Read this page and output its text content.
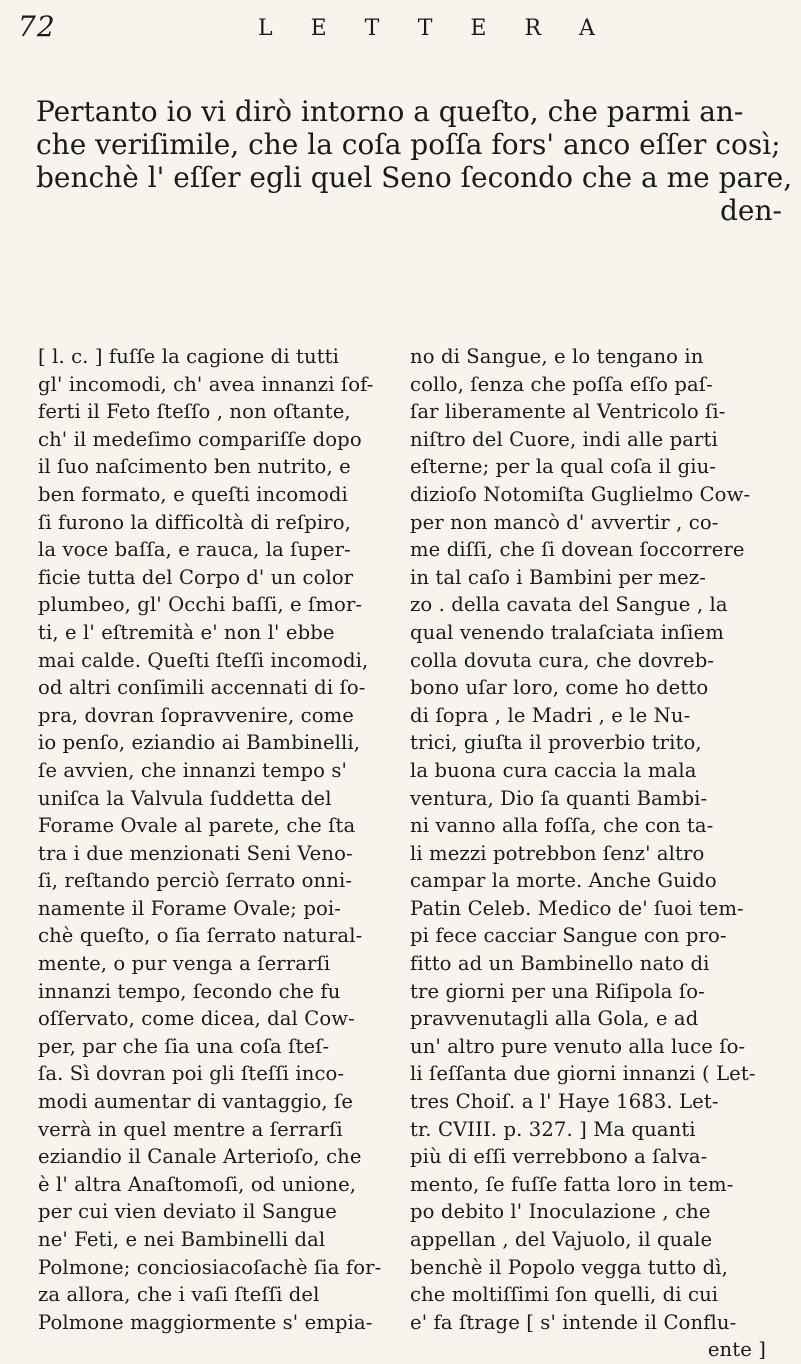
72	LETTERA
Pertanto io vi dirò intorno a queſto, che parmi an-
che veriſimile, che la coſa poſſa fors' anco eſſer così;
benchè l' eſſer egli quel Seno ſecondo che a me pare,
den-
[ l. c. ] fuſſe la cagione di tutti
gl' incomodi, ch' avea innanzi ſof-
ferti il Feto ſteſſo , non oſtante,
ch' il medeſimo compariſſe dopo
il ſuo naſcimento ben nutrito, e
ben formato, e queſti incomodi
ſi furono la difficoltà di reſpiro,
la voce baſſa, e rauca, la ſuper-
ficie tutta del Corpo d' un color
plumbeo, gl' Occhi baſſi, e ſmor-
ti, e l' eſtremità e' non l' ebbe
mai calde. Queſti ſteſſi incomodi,
od altri conſimili accennati di ſo-
pra, dovran ſopravvenire, come
io penſo, eziandio ai Bambinelli,
ſe avvien, che innanzi tempo s'
uniſca la Valvula ſuddetta del
Forame Ovale al parete, che ſta
tra i due menzionati Seni Veno-
ſi, reſtando perciò ſerrato onni-
namente il Forame Ovale; poi-
chè queſto, o ſia ſerrato natural-
mente, o pur venga a ſerrarſi
innanzi tempo, ſecondo che fu
oſſervato, come dicea, dal Cow-
per, par che ſia una coſa ſteſ-
ſa. Sì dovran poi gli ſteſſi inco-
modi aumentar di vantaggio, ſe
verrà in quel mentre a ſerrarſi
eziandio il Canale Arterioſo, che
è l' altra Anaſtomoſi, od unione,
per cui vien deviato il Sangue
ne' Feti, e nei Bambinelli dal
Polmone; conciosiacoſachè ſia for-
za allora, che i vaſi ſteſſi del
Polmone maggiormente s' empia-
no di Sangue, e lo tengano in
collo, ſenza che poſſa eſſo paſ-
ſar liberamente al Ventricolo ſi-
niſtro del Cuore, indi alle parti
eſterne; per la qual coſa il giu-
dizioſo Notomiſta Guglielmo Cow-
per non mancò d' avvertir , co-
me diſſi, che ſi dovean ſoccorrere
in tal caſo i Bambini per mez-
zo . della cavata del Sangue , la
qual venendo tralaſciata inſiem
colla dovuta cura, che dovreb-
bono uſar loro, come ho detto
di ſopra , le Madri , e le Nu-
trici, giuſta il proverbio trito,
la buona cura caccia la mala
ventura, Dio ſa quanti Bambi-
ni vanno alla foſſa, che con ta-
li mezzi potrebbon ſenz' altro
campar la morte. Anche Guido
Patin Celeb. Medico de' ſuoi tem-
pi fece cacciar Sangue con pro-
fitto ad un Bambinello nato di
tre giorni per una Riſipola ſo-
pravvenutagli alla Gola, e ad
un' altro pure venuto alla luce ſo-
li ſeſſanta due giorni innanzi ( Let-
tres Choiſ. a l' Haye 1683. Let-
tr. CVIII. p. 327. ] Ma quanti
più di eſſi verrebbono a ſalva-
mento, ſe fuſſe fatta loro in tem-
po debito l' Inoculazione , che
appellan , del Vajuolo, il quale
benchè il Popolo vegga tutto dì,
che moltiſſimi ſon quelli, di cui
e' fa ſtrage [ s' intende il Conflu-
ente ]
